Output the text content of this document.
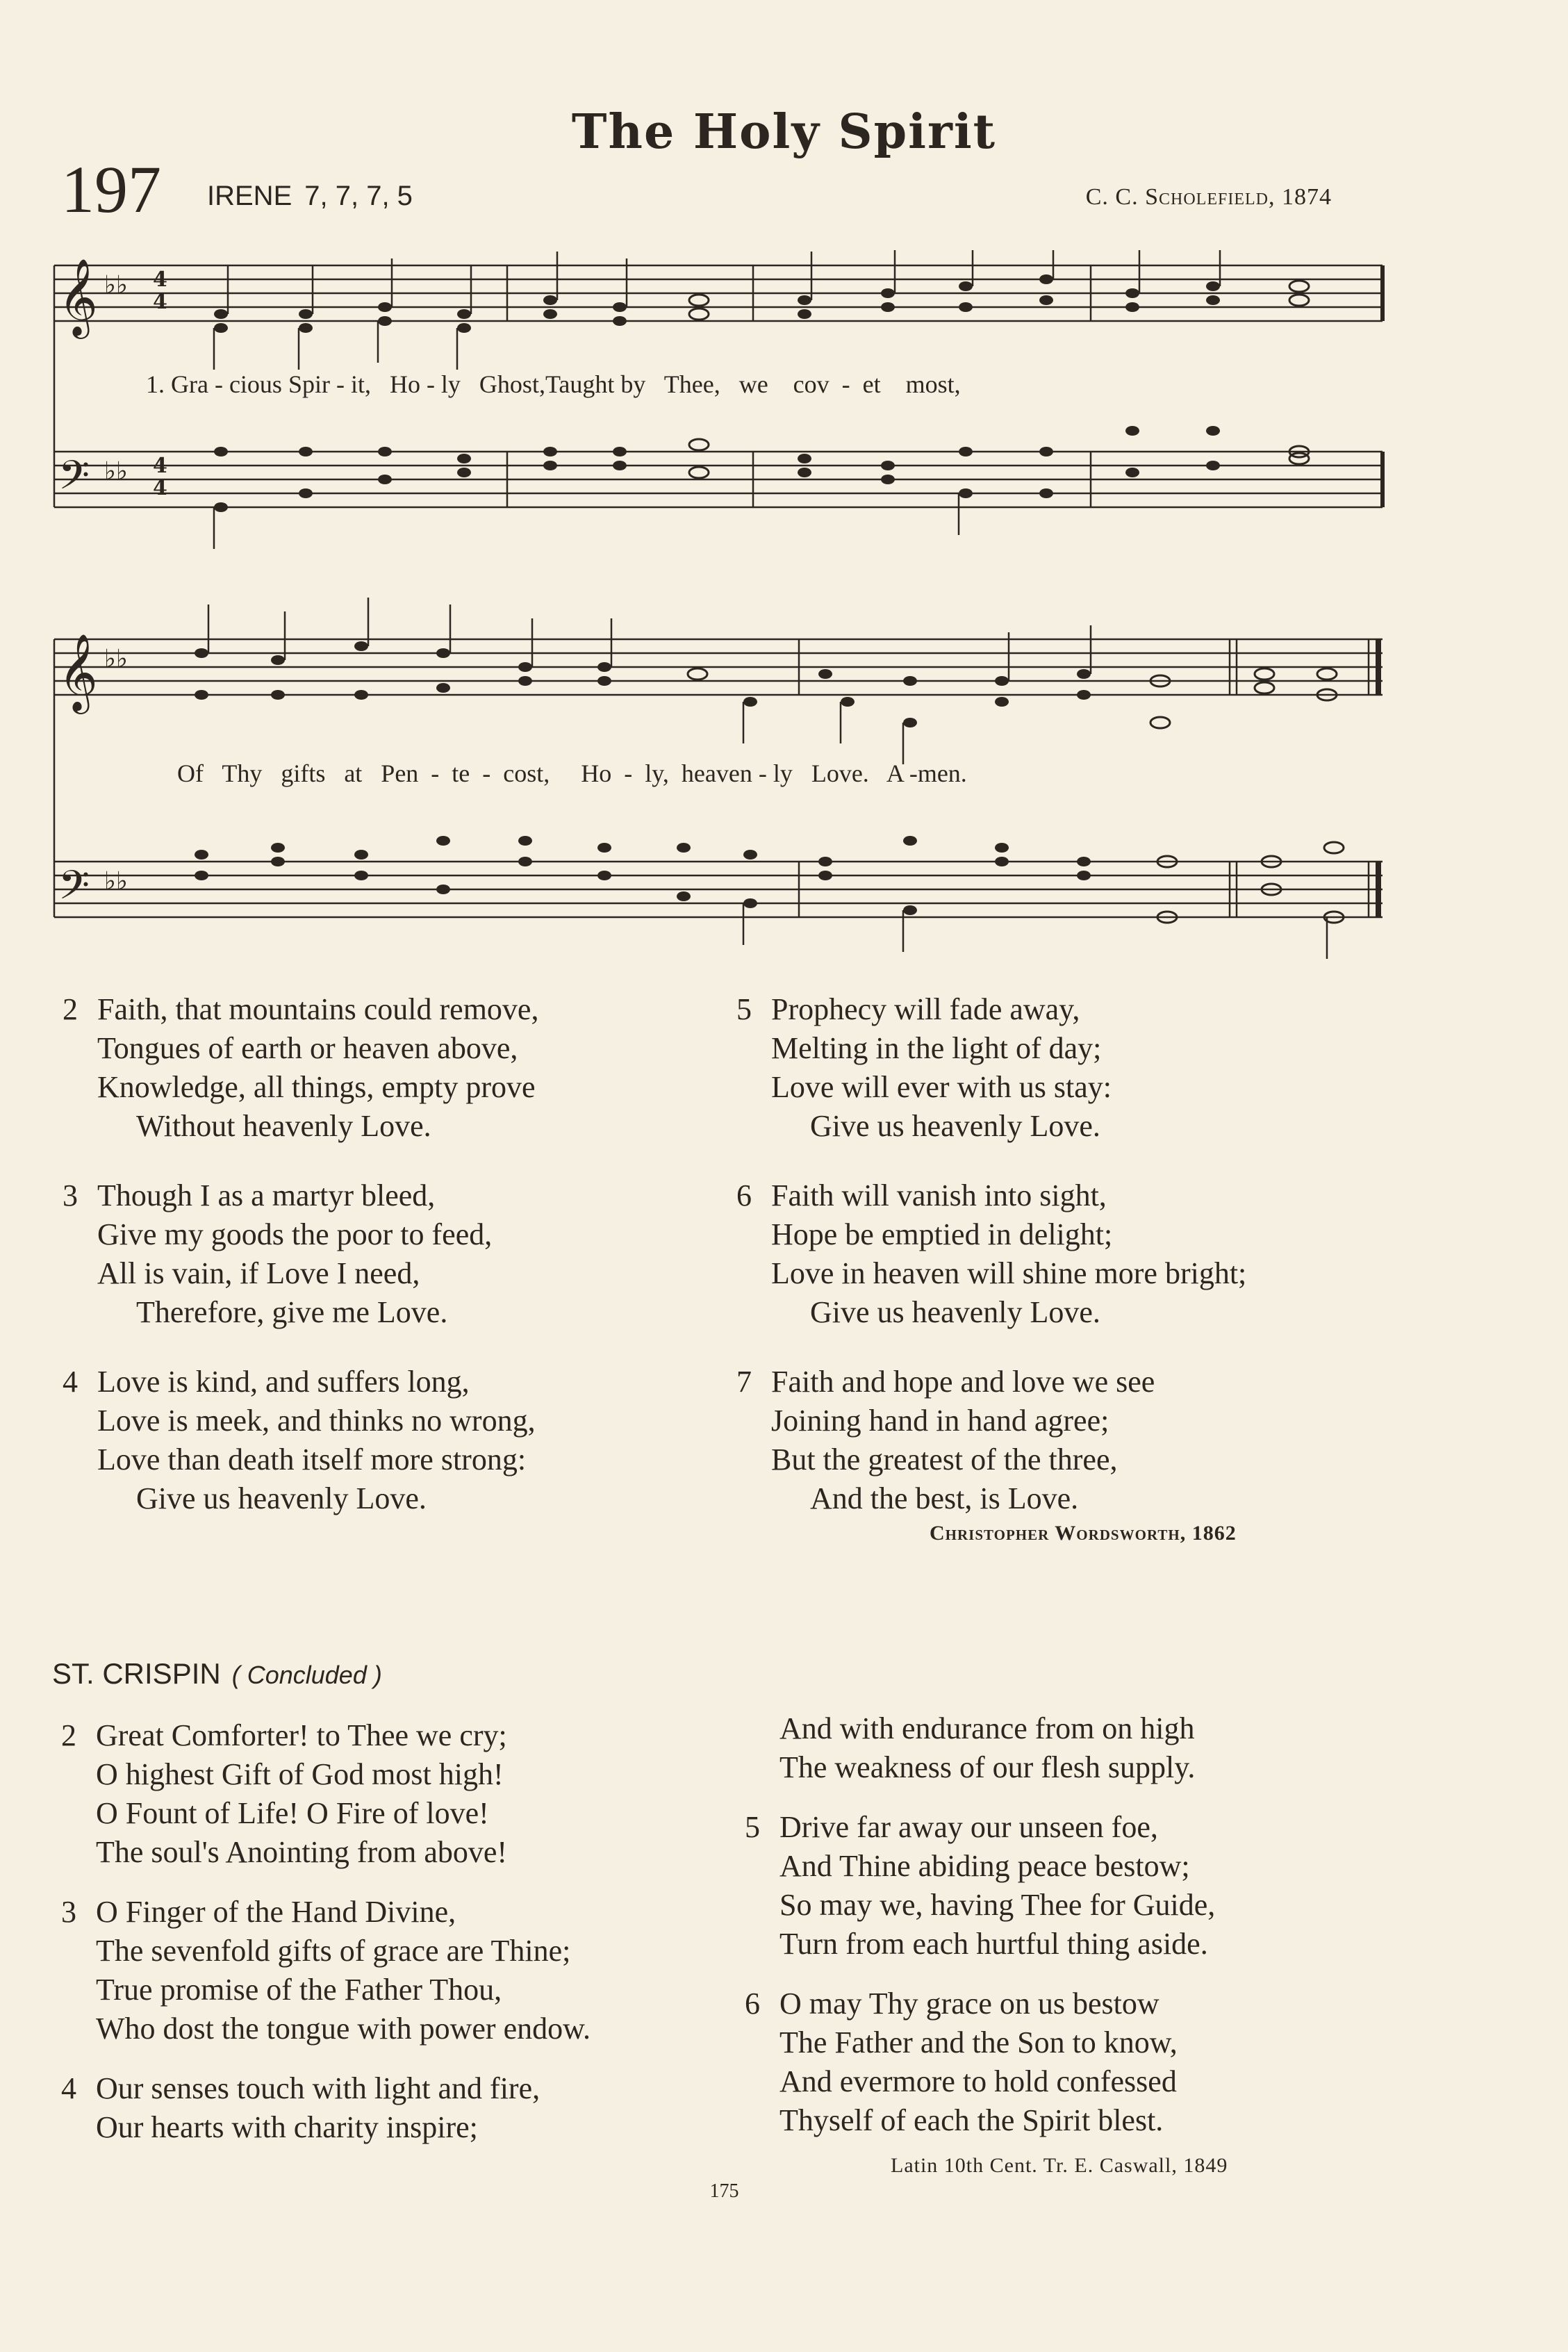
The Holy Spirit
197 IRENE 7, 7, 7, 5	C. C. Scholefield, 1874
𝄞
𝄢
𝄞
𝄢
♭♭
♭♭
♭♭
♭♭
4
4
4
4
1. Gra - cious Spir - it,   Ho - ly   Ghost,Taught by   Thee,   we    cov  -  et    most,
Of   Thy   gifts   at   Pen  -  te  -  cost,     Ho  -  ly,  heaven - ly   Love.   A -men.
2 Faith, that mountains could remove,
Tongues of earth or heaven above,
Knowledge, all things, empty prove
Without heavenly Love.
3 Though I as a martyr bleed,
Give my goods the poor to feed,
All is vain, if Love I need,
Therefore, give me Love.
4 Love is kind, and suffers long,
Love is meek, and thinks no wrong,
Love than death itself more strong:
Give us heavenly Love.
5 Prophecy will fade away,
Melting in the light of day;
Love will ever with us stay:
Give us heavenly Love.
6 Faith will vanish into sight,
Hope be emptied in delight;
Love in heaven will shine more bright;
Give us heavenly Love.
7 Faith and hope and love we see
Joining hand in hand agree;
But the greatest of the three,
And the best, is Love.
Christopher Wordsworth, 1862
ST. CRISPIN ( Concluded )
2 Great Comforter! to Thee we cry;
O highest Gift of God most high!
O Fount of Life! O Fire of love!
The soul's Anointing from above!
3 O Finger of the Hand Divine,
The sevenfold gifts of grace are Thine;
True promise of the Father Thou,
Who dost the tongue with power endow.
4 Our senses touch with light and fire,
Our hearts with charity inspire;
And with endurance from on high
The weakness of our flesh supply.
5 Drive far away our unseen foe,
And Thine abiding peace bestow;
So may we, having Thee for Guide,
Turn from each hurtful thing aside.
6 O may Thy grace on us bestow
The Father and the Son to know,
And evermore to hold confessed
Thyself of each the Spirit blest.
Latin 10th Cent. Tr. E. Caswall, 1849
175
